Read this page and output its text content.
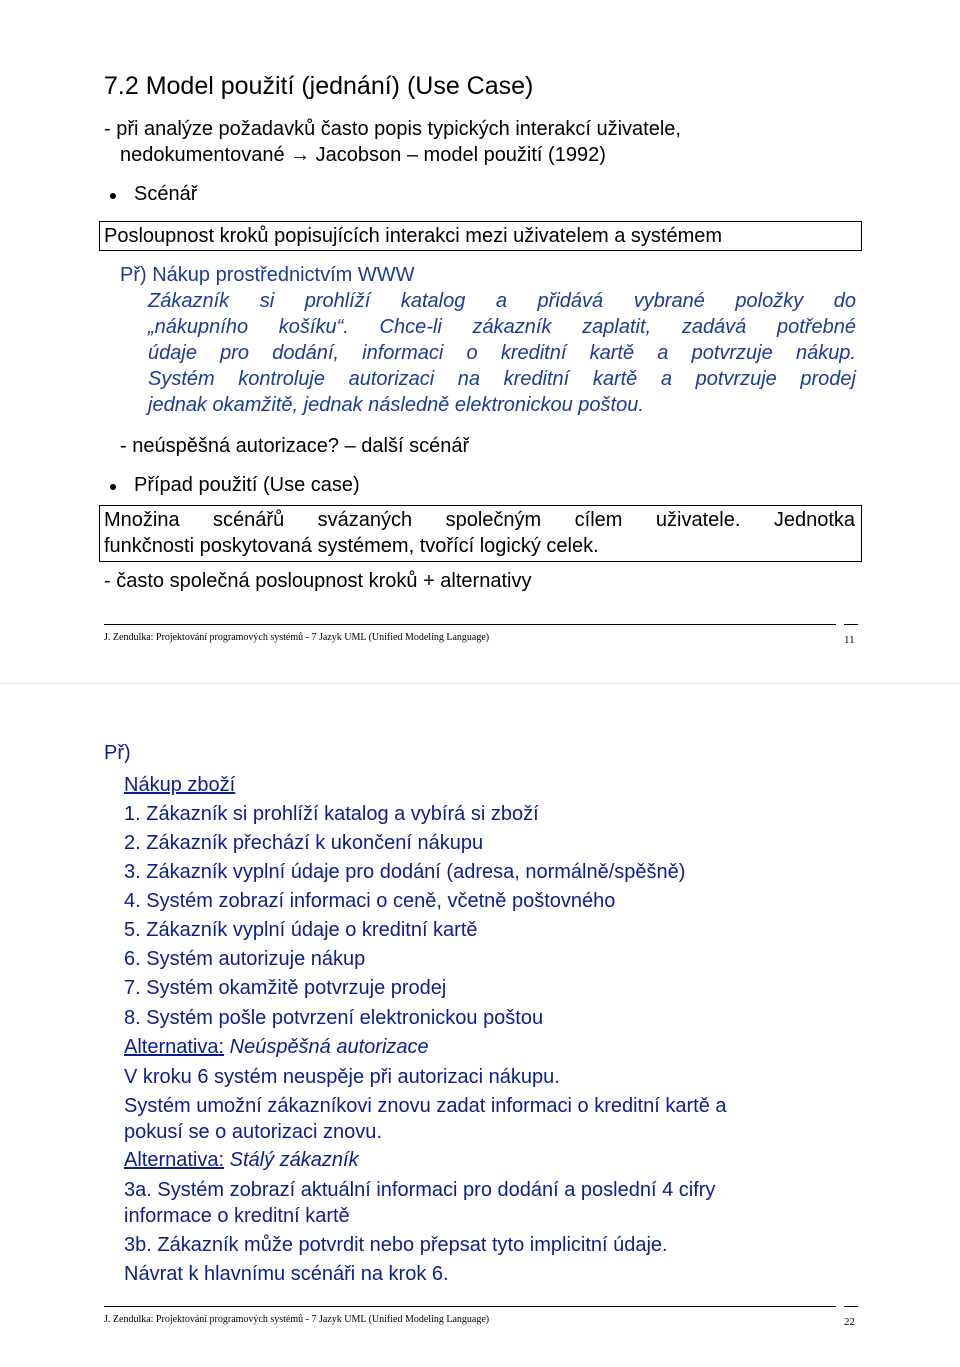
7.2 Model použití (jednání) (Use Case)
- při analýze požadavků často popis typických interakcí uživatele,
nedokumentované → Jacobson – model použití (1992)
Scénář
Posloupnost kroků popisujících interakci mezi uživatelem a systémem
Př) Nákup prostřednictvím WWW
Zákazník si prohlíží katalog a přidává vybrané položky do
„nákupního košíku“. Chce-li zákazník zaplatit, zadává potřebné
údaje pro dodání, informaci o kreditní kartě a potvrzuje nákup.
Systém kontroluje autorizaci na kreditní kartě a potvrzuje prodej
jednak okamžitě, jednak následně elektronickou poštou.
- neúspěšná autorizace? – další scénář
Případ použití (Use case)
Množina scénářů svázaných společným cílem uživatele. Jednotka
funkčnosti poskytovaná systémem, tvořící logický celek.
- často společná posloupnost kroků + alternativy
J. Zendulka: Projektování programových systémů - 7 Jazyk UML (Unified Modeling Language)	11
Př)
Nákup zboží
1. Zákazník si prohlíží katalog a vybírá si zboží
2. Zákazník přechází k ukončení nákupu
3. Zákazník vyplní údaje pro dodání (adresa, normálně/spěšně)
4. Systém zobrazí informaci o ceně, včetně poštovného
5. Zákazník vyplní údaje o kreditní kartě
6. Systém autorizuje nákup
7. Systém okamžitě potvrzuje prodej
8. Systém pošle potvrzení elektronickou poštou
Alternativa: Neúspěšná autorizace
V kroku 6 systém neuspěje při autorizaci nákupu.
Systém umožní zákazníkovi znovu zadat informaci o kreditní kartě a
pokusí se o autorizaci znovu.
Alternativa: Stálý zákazník
3a. Systém zobrazí aktuální informaci pro dodání a poslední 4 cifry
informace o kreditní kartě
3b. Zákazník může potvrdit nebo přepsat tyto implicitní údaje.
Návrat k hlavnímu scénáři na krok 6.
J. Zendulka: Projektování programových systémů - 7 Jazyk UML (Unified Modeling Language)	22
